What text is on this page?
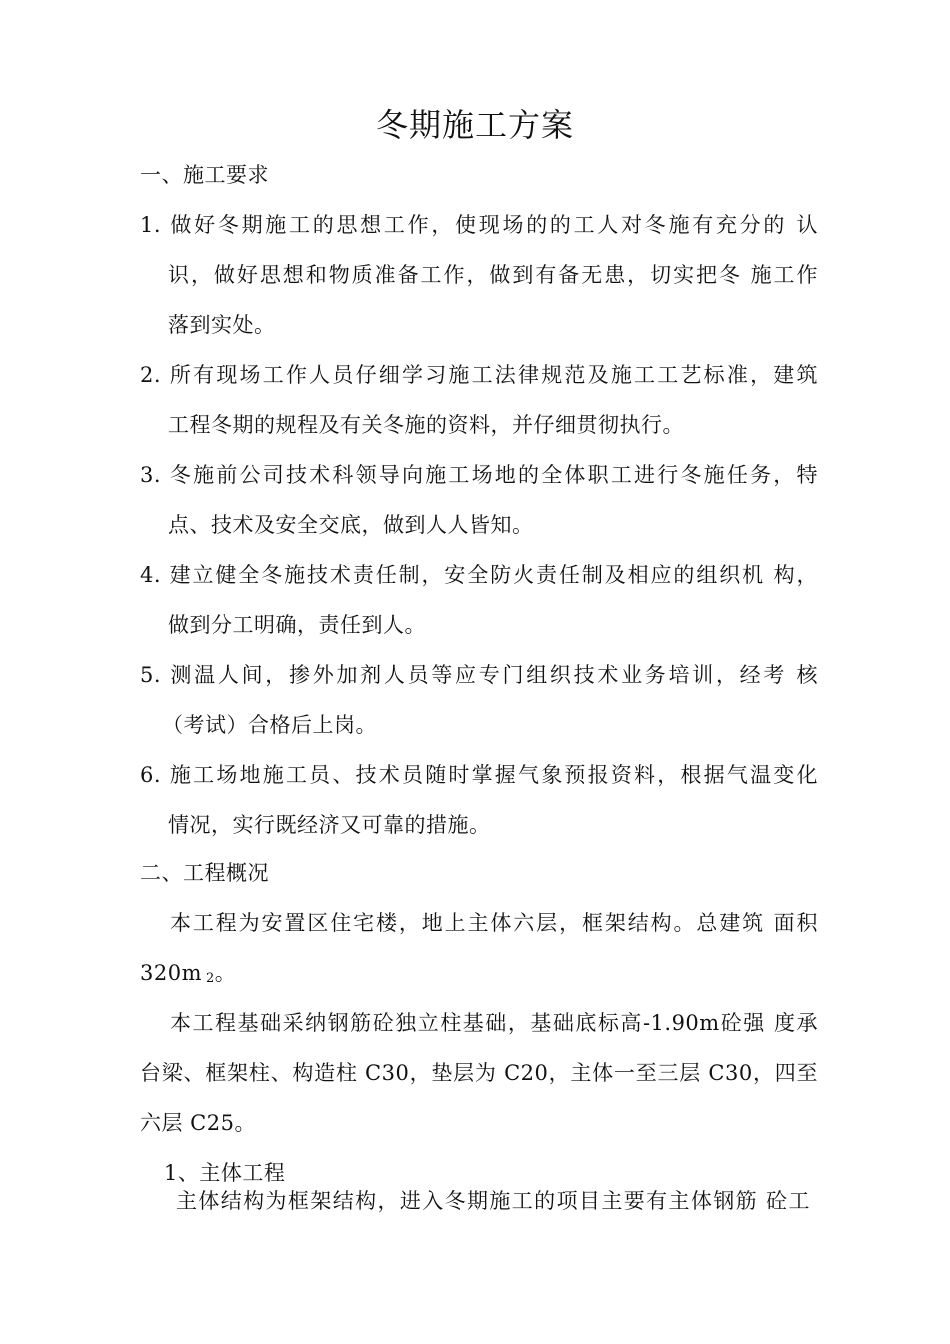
冬期施工方案
一、施工要求
1. 做好冬期施工的思想工作，使现场的的工人对冬施有充分的 认
识，做好思想和物质准备工作，做到有备无患，切实把冬 施工作
落到实处。
2. 所有现场工作人员仔细学习施工法律规范及施工工艺标准，建筑
工程冬期的规程及有关冬施的资料，并仔细贯彻执行。
3. 冬施前公司技术科领导向施工场地的全体职工进行冬施任务，特
点、技术及安全交底，做到人人皆知。
4. 建立健全冬施技术责任制，安全防火责任制及相应的组织机 构，
做到分工明确，责任到人。
5. 测温人间，掺外加剂人员等应专门组织技术业务培训，经考 核
（考试）合格后上岗。
6. 施工场地施工员、技术员随时掌握气象预报资料，根据气温变化
情况，实行既经济又可靠的措施。
二、工程概况
本工程为安置区住宅楼，地上主体六层，框架结构。总建筑 面积
320m 2。
本工程基础采纳钢筋砼独立柱基础，基础底标高-1.90m砼强 度承
台梁、框架柱、构造柱 C30，垫层为 C20，主体一至三层 C30，四至
六层 C25。
1、主体工程
主体结构为框架结构，进入冬期施工的项目主要有主体钢筋 砼工
